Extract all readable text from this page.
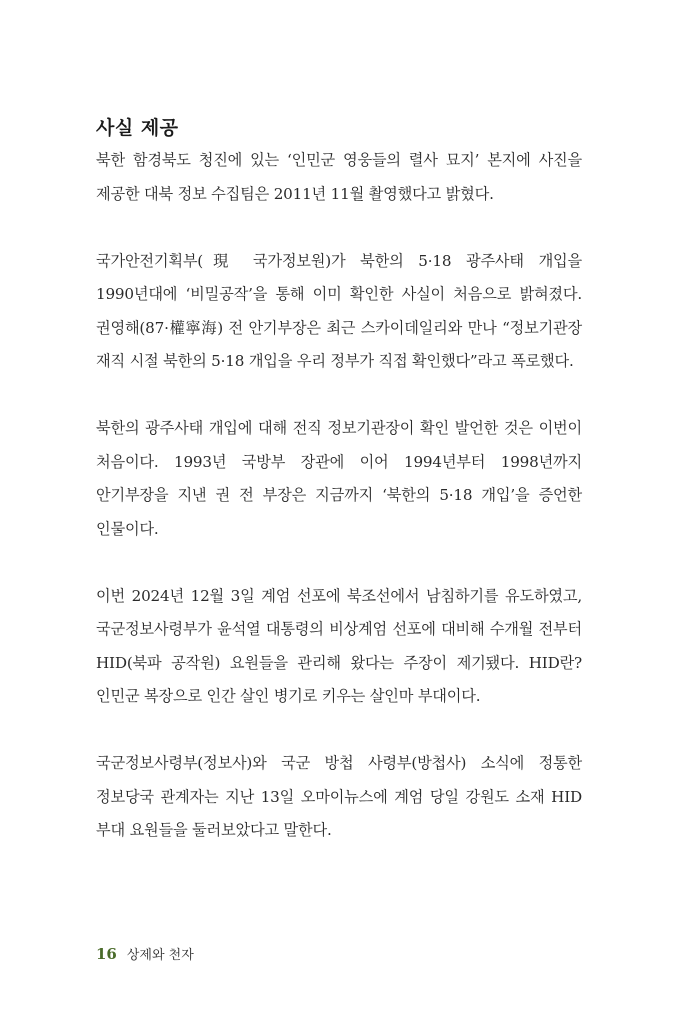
사실 제공

북한 함경북도 청진에 있는 ‘인민군 영웅들의 렬사 묘지’ 본지에 사진을 제공한 대북 정보 수집팀은 2011년 11월 촬영했다고 밝혔다.

국가안전기획부(現 국가정보원)가 북한의 5·18 광주사태 개입을 1990년대에 ‘비밀공작’을 통해 이미 확인한 사실이 처음으로 밝혀졌다. 권영해(87·權寧海) 전 안기부장은 최근 스카이데일리와 만나 “정보기관장 재직 시절 북한의 5·18 개입을 우리 정부가 직접 확인했다”라고 폭로했다.

북한의 광주사태 개입에 대해 전직 정보기관장이 확인 발언한 것은 이번이 처음이다. 1993년 국방부 장관에 이어 1994년부터 1998년까지 안기부장을 지낸 권 전 부장은 지금까지 ‘북한의 5·18 개입’을 증언한 인물이다.

이번 2024년 12월 3일 계엄 선포에 북조선에서 남침하기를 유도하였고, 국군정보사령부가 윤석열 대통령의 비상계엄 선포에 대비해 수개월 전부터 HID(북파 공작원) 요원들을 관리해 왔다는 주장이 제기됐다. HID란? 인민군 복장으로 인간 살인 병기로 키우는 살인마 부대이다.

국군정보사령부(정보사)와 국군 방첩 사령부(방첩사) 소식에 정통한 정보당국 관계자는 지난 13일 오마이뉴스에 계엄 당일 강원도 소재 HID 부대 요원들을 둘러보았다고 말한다.

16 상제와 천자
